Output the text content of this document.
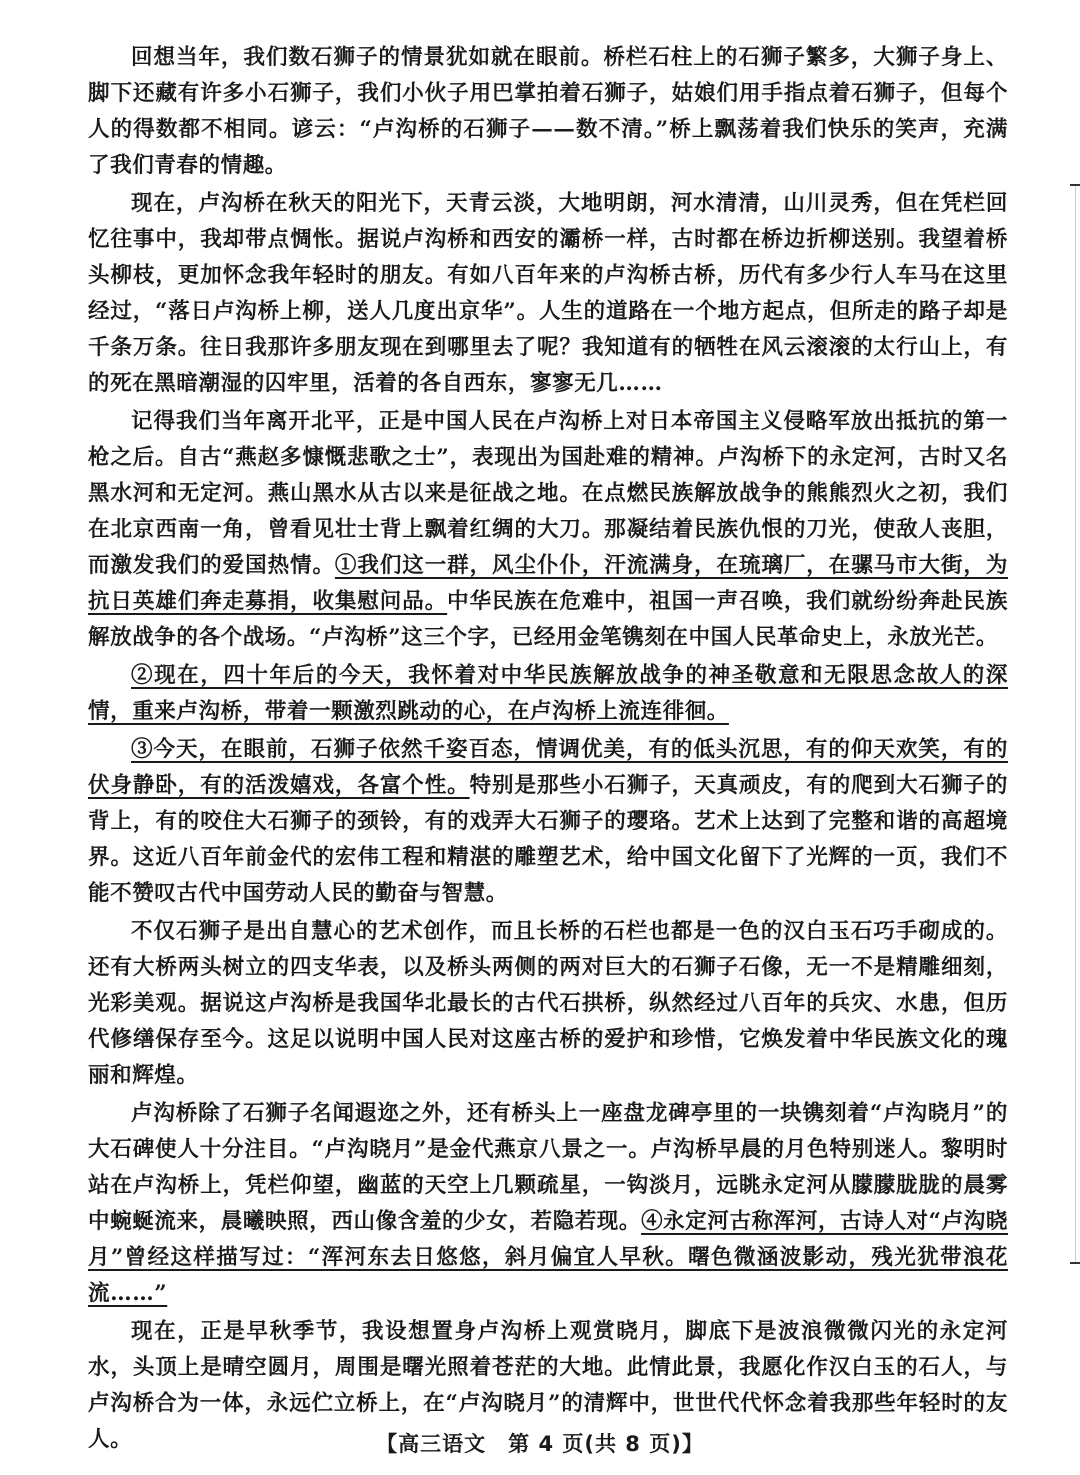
回想当年，我们数石狮子的情景犹如就在眼前。桥栏石柱上的石狮子繁多，大狮子身上、脚下还藏有许多小石狮子，我们小伙子用巴掌拍着石狮子，姑娘们用手指点着石狮子，但每个人的得数都不相同。谚云：“卢沟桥的石狮子——数不清。”桥上飘荡着我们快乐的笑声，充满了我们青春的情趣。

现在，卢沟桥在秋天的阳光下，天青云淡，大地明朗，河水清清，山川灵秀，但在凭栏回忆往事中，我却带点惆怅。据说卢沟桥和西安的灞桥一样，古时都在桥边折柳送别。我望着桥头柳枝，更加怀念我年轻时的朋友。有如八百年来的卢沟桥古桥，历代有多少行人车马在这里经过，“落日卢沟桥上柳，送人几度出京华”。人生的道路在一个地方起点，但所走的路子却是千条万条。往日我那许多朋友现在到哪里去了呢？我知道有的牺牲在风云滚滚的太行山上，有的死在黑暗潮湿的囚牢里，活着的各自西东，寥寥无几……

记得我们当年离开北平，正是中国人民在卢沟桥上对日本帝国主义侵略军放出抵抗的第一枪之后。自古“燕赵多慷慨悲歌之士”，表现出为国赴难的精神。卢沟桥下的永定河，古时又名黑水河和无定河。燕山黑水从古以来是征战之地。在点燃民族解放战争的熊熊烈火之初，我们在北京西南一角，曾看见壮士背上飘着红绸的大刀。那凝结着民族仇恨的刀光，使敌人丧胆，而激发我们的爱国热情。①我们这一群，风尘仆仆，汗流满身，在琉璃厂，在骡马市大街，为抗日英雄们奔走募捐，收集慰问品。中华民族在危难中，祖国一声召唤，我们就纷纷奔赴民族解放战争的各个战场。“卢沟桥”这三个字，已经用金笔镌刻在中国人民革命史上，永放光芒。

②现在，四十年后的今天，我怀着对中华民族解放战争的神圣敬意和无限思念故人的深情，重来卢沟桥，带着一颗激烈跳动的心，在卢沟桥上流连徘徊。

③今天，在眼前，石狮子依然千姿百态，情调优美，有的低头沉思，有的仰天欢笑，有的伏身静卧，有的活泼嬉戏，各富个性。特别是那些小石狮子，天真顽皮，有的爬到大石狮子的背上，有的咬住大石狮子的颈铃，有的戏弄大石狮子的璎珞。艺术上达到了完整和谐的高超境界。这近八百年前金代的宏伟工程和精湛的雕塑艺术，给中国文化留下了光辉的一页，我们不能不赞叹古代中国劳动人民的勤奋与智慧。

不仅石狮子是出自慧心的艺术创作，而且长桥的石栏也都是一色的汉白玉石巧手砌成的。还有大桥两头树立的四支华表，以及桥头两侧的两对巨大的石狮子石像，无一不是精雕细刻，光彩美观。据说这卢沟桥是我国华北最长的古代石拱桥，纵然经过八百年的兵灾、水患，但历代修缮保存至今。这足以说明中国人民对这座古桥的爱护和珍惜，它焕发着中华民族文化的瑰丽和辉煌。

卢沟桥除了石狮子名闻遐迩之外，还有桥头上一座盘龙碑亭里的一块镌刻着“卢沟晓月”的大石碑使人十分注目。“卢沟晓月”是金代燕京八景之一。卢沟桥早晨的月色特别迷人。黎明时站在卢沟桥上，凭栏仰望，幽蓝的天空上几颗疏星，一钩淡月，远眺永定河从朦朦胧胧的晨雾中蜿蜒流来，晨曦映照，西山像含羞的少女，若隐若现。④永定河古称浑河，古诗人对“卢沟晓月”曾经这样描写过：“浑河东去日悠悠，斜月偏宜人早秋。曙色微涵波影动，残光犹带浪花流……”

现在，正是早秋季节，我设想置身卢沟桥上观赏晓月，脚底下是波浪微微闪光的永定河水，头顶上是晴空圆月，周围是曙光照着苍茫的大地。此情此景，我愿化作汉白玉的石人，与卢沟桥合为一体，永远伫立桥上，在“卢沟晓月”的清辉中，世世代代怀念着我那些年轻时的友人。	【高三语文　第 4 页(共 8 页)】
